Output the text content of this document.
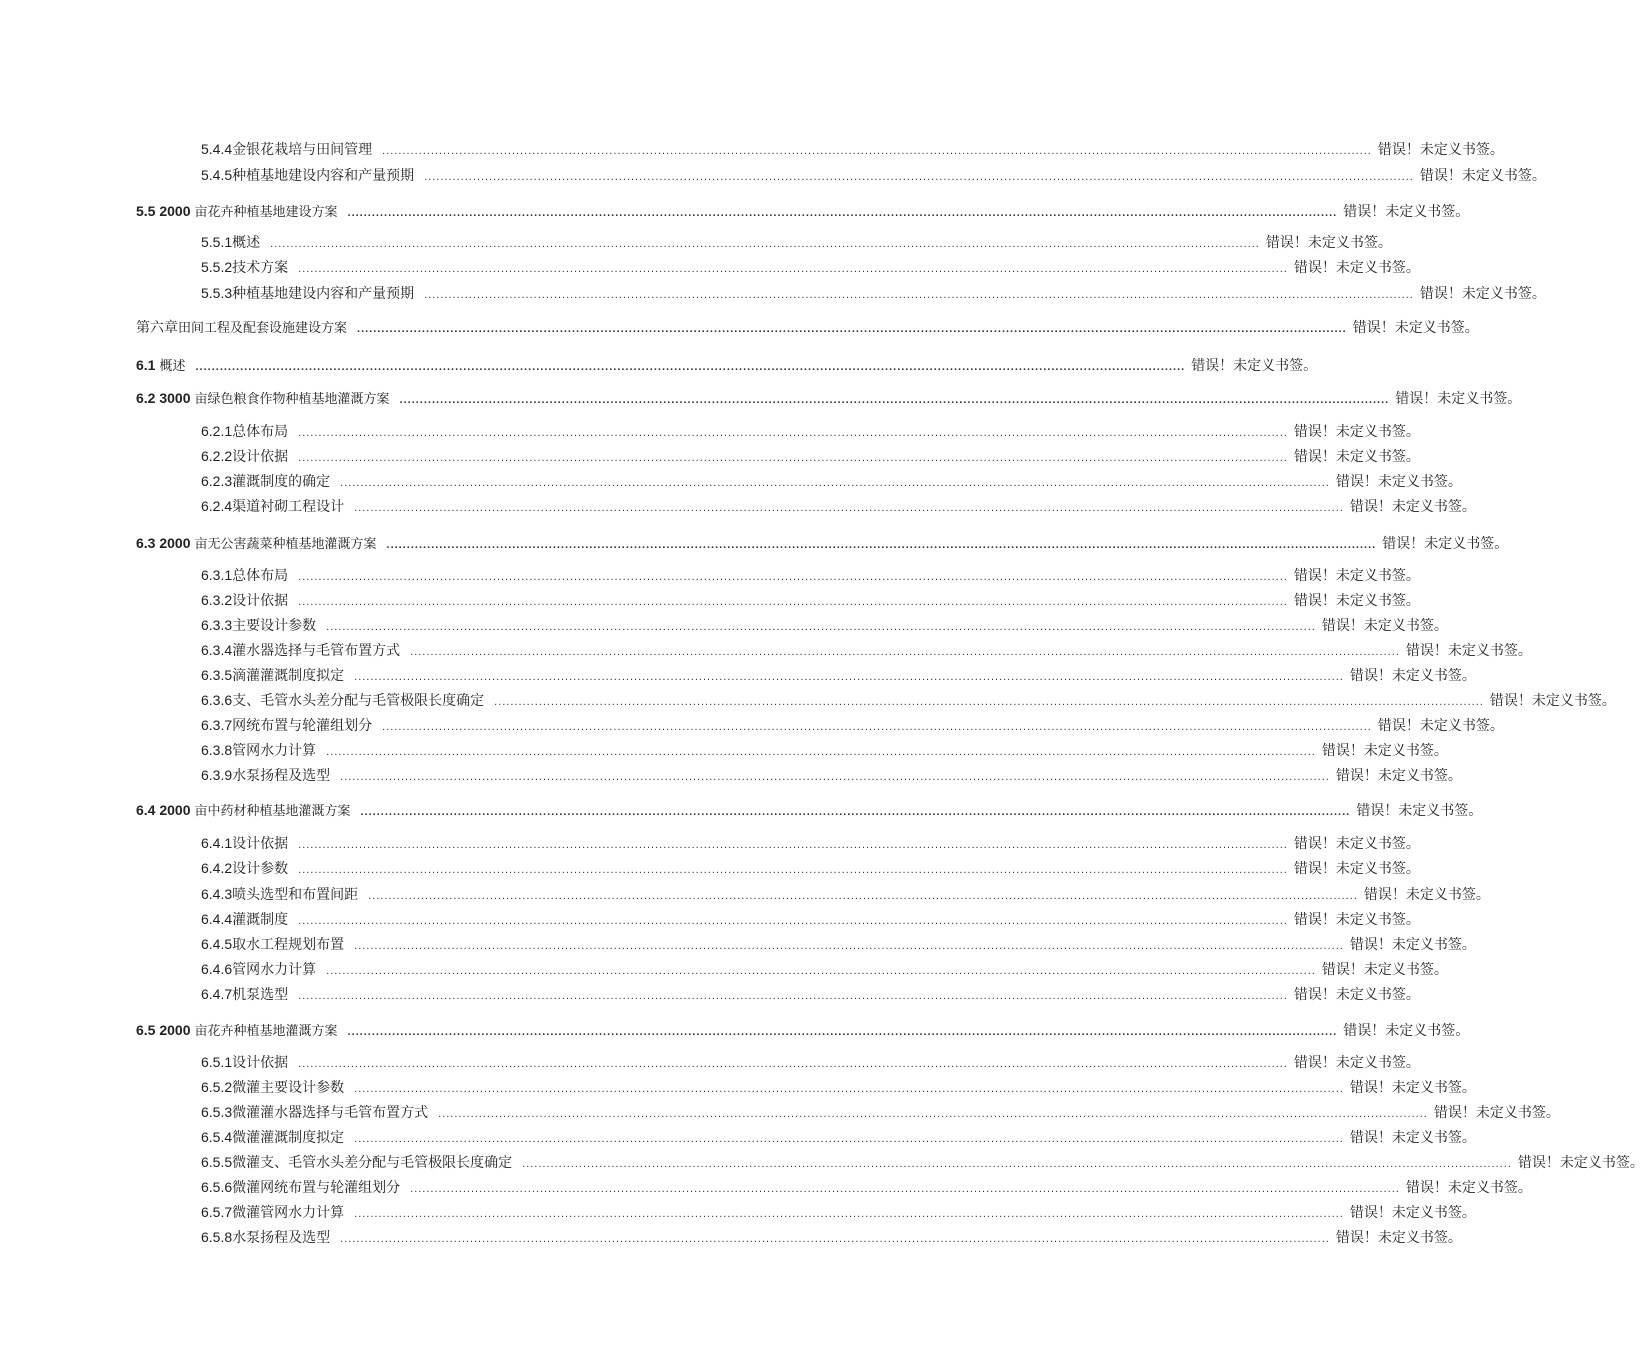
5.4.4 金银花栽培与田间管理 .................................................................................................................................................................................................................................................... 错误！未定义书签。
5.4.5 种植基地建设内容和产量预期 .................................................................................................................................................................................................................................................... 错误！未定义书签。
5.5 2000 亩花卉种植基地建设方案 .................................................................................................................................................................................................................................................... 错误！未定义书签。
5.5.1 概述 .................................................................................................................................................................................................................................................... 错误！未定义书签。
5.5.2 技术方案 .................................................................................................................................................................................................................................................... 错误！未定义书签。
5.5.3 种植基地建设内容和产量预期 .................................................................................................................................................................................................................................................... 错误！未定义书签。
第六章 田间工程及配套设施建设方案 .................................................................................................................................................................................................................................................... 错误！未定义书签。
6.1 概述 .................................................................................................................................................................................................................................................... 错误！未定义书签。
6.2 3000 亩绿色粮食作物种植基地灌溉方案 .................................................................................................................................................................................................................................................... 错误！未定义书签。
6.2.1 总体布局 .................................................................................................................................................................................................................................................... 错误！未定义书签。
6.2.2 设计依据 .................................................................................................................................................................................................................................................... 错误！未定义书签。
6.2.3 灌溉制度的确定 .................................................................................................................................................................................................................................................... 错误！未定义书签。
6.2.4 渠道衬砌工程设计 .................................................................................................................................................................................................................................................... 错误！未定义书签。
6.3 2000 亩无公害蔬菜种植基地灌溉方案 .................................................................................................................................................................................................................................................... 错误！未定义书签。
6.3.1 总体布局 .................................................................................................................................................................................................................................................... 错误！未定义书签。
6.3.2 设计依据 .................................................................................................................................................................................................................................................... 错误！未定义书签。
6.3.3 主要设计参数 .................................................................................................................................................................................................................................................... 错误！未定义书签。
6.3.4 灌水器选择与毛管布置方式 .................................................................................................................................................................................................................................................... 错误！未定义书签。
6.3.5 滴灌灌溉制度拟定 .................................................................................................................................................................................................................................................... 错误！未定义书签。
6.3.6 支、毛管水头差分配与毛管极限长度确定 .................................................................................................................................................................................................................................................... 错误！未定义书签。
6.3.7 网统布置与轮灌组划分 .................................................................................................................................................................................................................................................... 错误！未定义书签。
6.3.8 管网水力计算 .................................................................................................................................................................................................................................................... 错误！未定义书签。
6.3.9 水泵扬程及选型 .................................................................................................................................................................................................................................................... 错误！未定义书签。
6.4 2000 亩中药材种植基地灌溉方案 .................................................................................................................................................................................................................................................... 错误！未定义书签。
6.4.1 设计依据 .................................................................................................................................................................................................................................................... 错误！未定义书签。
6.4.2 设计参数 .................................................................................................................................................................................................................................................... 错误！未定义书签。
6.4.3 喷头选型和布置间距 .................................................................................................................................................................................................................................................... 错误！未定义书签。
6.4.4 灌溉制度 .................................................................................................................................................................................................................................................... 错误！未定义书签。
6.4.5 取水工程规划布置 .................................................................................................................................................................................................................................................... 错误！未定义书签。
6.4.6 管网水力计算 .................................................................................................................................................................................................................................................... 错误！未定义书签。
6.4.7 机泵选型 .................................................................................................................................................................................................................................................... 错误！未定义书签。
6.5 2000 亩花卉种植基地灌溉方案 .................................................................................................................................................................................................................................................... 错误！未定义书签。
6.5.1 设计依据 .................................................................................................................................................................................................................................................... 错误！未定义书签。
6.5.2 微灌主要设计参数 .................................................................................................................................................................................................................................................... 错误！未定义书签。
6.5.3 微灌灌水器选择与毛管布置方式 .................................................................................................................................................................................................................................................... 错误！未定义书签。
6.5.4 微灌灌溉制度拟定 .................................................................................................................................................................................................................................................... 错误！未定义书签。
6.5.5 微灌支、毛管水头差分配与毛管极限长度确定 .................................................................................................................................................................................................................................................... 错误！未定义书签。
6.5.6 微灌网统布置与轮灌组划分 .................................................................................................................................................................................................................................................... 错误！未定义书签。
6.5.7 微灌管网水力计算 .................................................................................................................................................................................................................................................... 错误！未定义书签。
6.5.8 水泵扬程及选型 .................................................................................................................................................................................................................................................... 错误！未定义书签。
